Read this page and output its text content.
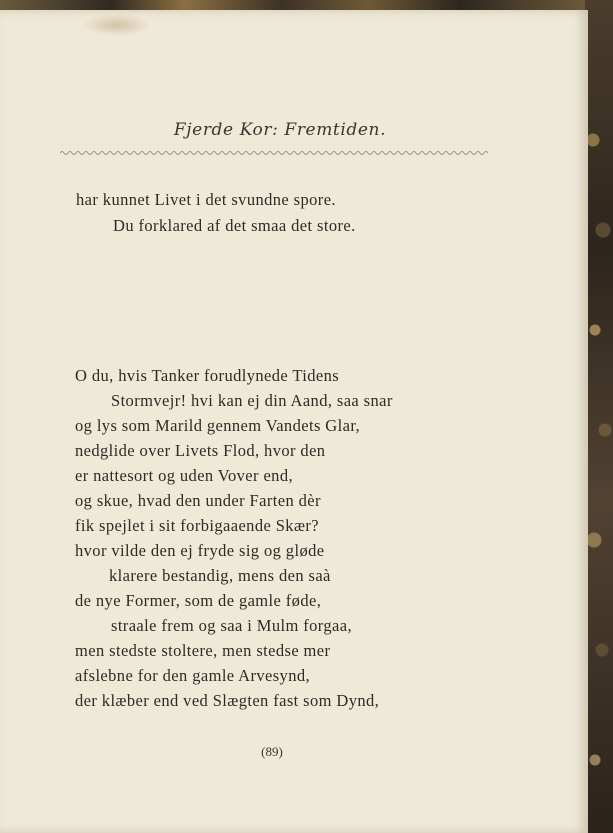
Fjerde Kor: Fremtiden.
har kunnet Livet i det svundne spore.
Du forklared af det smaa det store.
O du, hvis Tanker forudlynede Tidens
Stormvejr! hvi kan ej din Aand, saa snar
og lys som Marild gennem Vandets Glar,
nedglide over Livets Flod, hvor den
er nattesort og uden Vover end,
og skue, hvad den under Farten dèr
fik spejlet i sit forbigaaende Skær?
hvor vilde den ej fryde sig og gløde
klarere bestandig, mens den saà
de nye Former, som de gamle føde,
straale frem og saa i Mulm forgaa,
men stedste stoltere, men stedse mer
afslebne for den gamle Arvesynd,
der klæber end ved Slægten fast som Dynd,
(89)
